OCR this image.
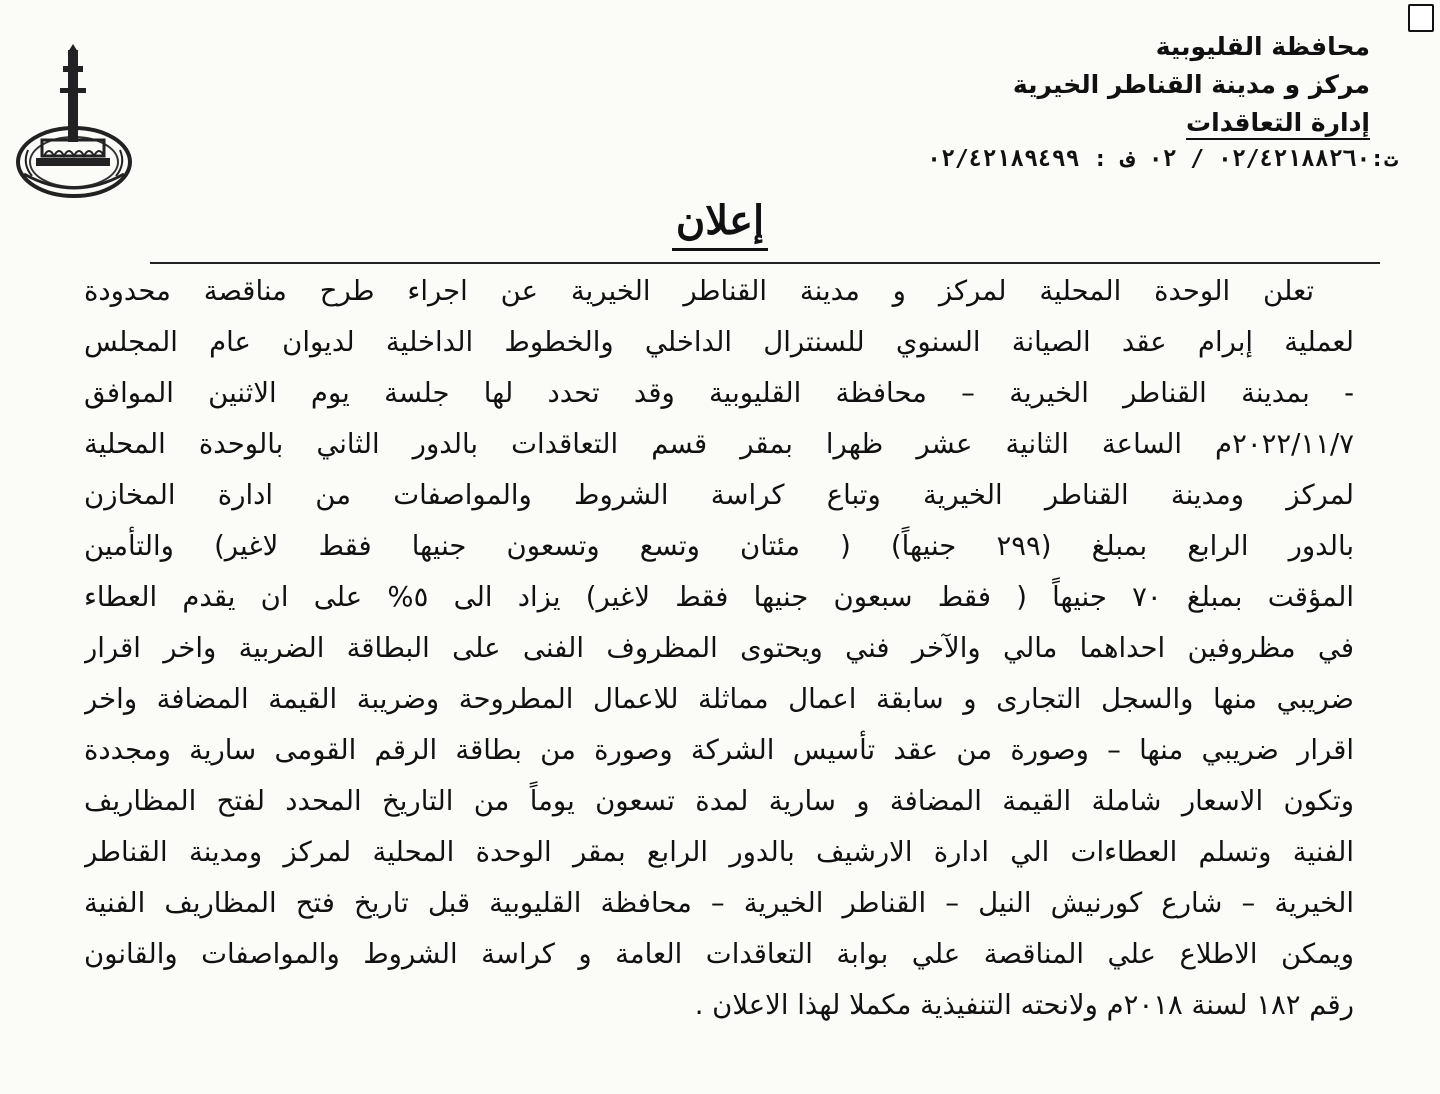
محافظة القليوبية
مركز و مدينة القناطر الخيرية
إدارة التعاقدات
ت:٠٢/٤٢١٨٨٢٦٠ / ٠٢ ف : ٠٢/٤٢١٨٩٤٩٩
إعلان
تعلن الوحدة المحلية لمركز و مدينة القناطر الخيرية عن اجراء طرح مناقصة محدودة
لعملية إبرام عقد الصيانة السنوي للسنترال الداخلي والخطوط الداخلية لديوان عام المجلس
- بمدينة القناطر الخيرية – محافظة القليوبية وقد تحدد لها جلسة يوم الاثنين الموافق
٢٠٢٢/١١/٧م الساعة الثانية عشر ظهرا بمقر قسم التعاقدات بالدور الثاني بالوحدة المحلية
لمركز ومدينة القناطر الخيرية وتباع كراسة الشروط والمواصفات من ادارة المخازن
بالدور الرابع بمبلغ (٢٩٩ جنيهاً) ( مئتان وتسع وتسعون جنيها فقط لاغير) والتأمين
المؤقت بمبلغ ٧٠ جنيهاً ( فقط سبعون جنيها فقط لاغير) يزاد الى ٥% على ان يقدم العطاء
في مظروفين احداهما مالي والآخر فني ويحتوى المظروف الفنى على البطاقة الضربية واخر اقرار
ضريبي منها والسجل التجارى و سابقة اعمال مماثلة للاعمال المطروحة وضريبة القيمة المضافة واخر
اقرار ضريبي منها – وصورة من عقد تأسيس الشركة وصورة من بطاقة الرقم القومى سارية ومجددة
وتكون الاسعار شاملة القيمة المضافة و سارية لمدة تسعون يوماً من التاريخ المحدد لفتح المظاريف
الفنية وتسلم العطاءات الي ادارة الارشيف بالدور الرابع بمقر الوحدة المحلية لمركز ومدينة القناطر
الخيرية – شارع كورنيش النيل – القناطر الخيرية – محافظة القليوبية قبل تاريخ فتح المظاريف الفنية
ويمكن الاطلاع علي المناقصة علي بوابة التعاقدات العامة و كراسة الشروط والمواصفات والقانون
رقم ١٨٢ لسنة ٢٠١٨م ولانحته التنفيذية مكملا لهذا الاعلان .
